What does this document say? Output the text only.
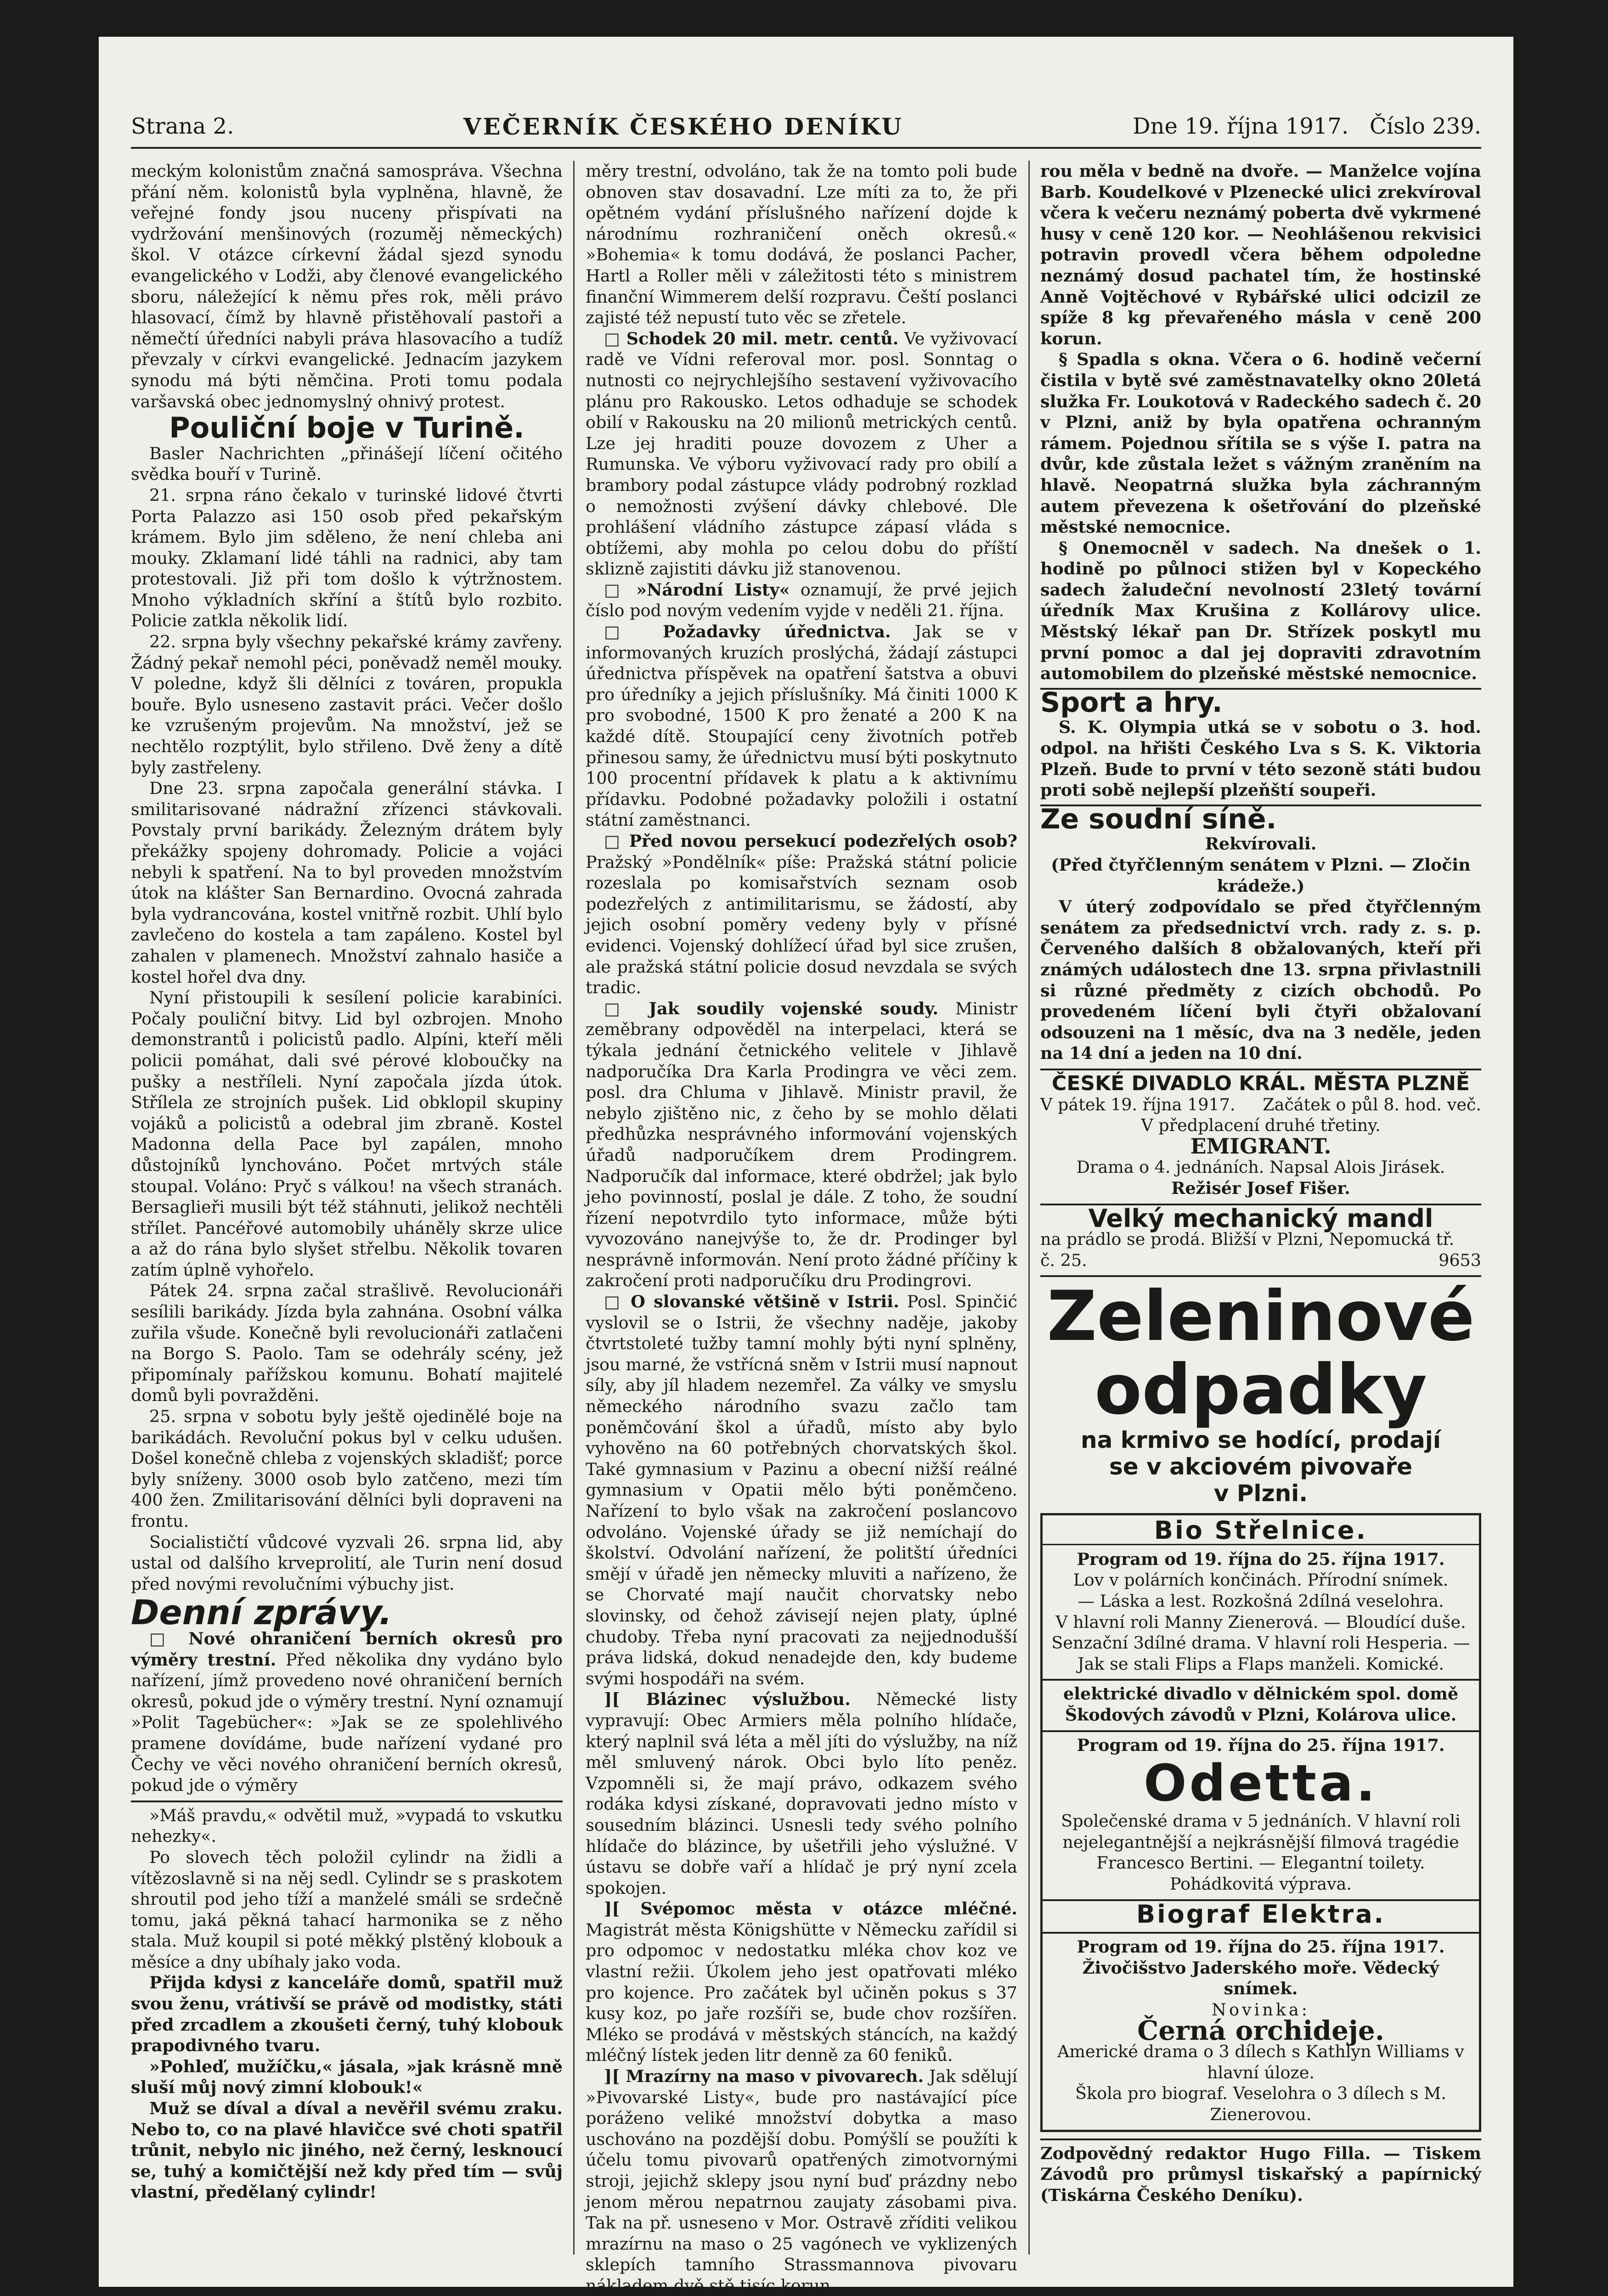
Strana 2.	VEČERNÍK ČESKÉHO DENÍKU	Dne 19. října 1917. Číslo 239.

meckým kolonistům značná samospráva. Všechna přání něm. kolonistů byla vyplněna, hlavně, že veřejné fondy jsou nuceny přispívati na vydržování menšinových (rozuměj německých) škol. V otázce církevní žádal sjezd synodu evangelického v Lodži, aby členové evangelického sboru, náležející k němu přes rok, měli právo hlasovací, čímž by hlavně přistěhovalí pastoři a němečtí úředníci nabyli práva hlasovacího a tudíž převzaly v církvi evangelické. Jednacím jazykem synodu má býti němčina. Proti tomu podala varšavská obec jednomyslný ohnivý protest.

Pouliční boje v Turině.

Basler Nachrichten „přinášejí líčení očitého svědka bouří v Turině.

21. srpna ráno čekalo v turinské lidové čtvrti Porta Palazzo asi 150 osob před pekařským krámem. Bylo jim sděleno, že není chleba ani mouky. Zklamaní lidé táhli na radnici, aby tam protestovali. Již při tom došlo k výtržnostem. Mnoho výkladních skříní a štítů bylo rozbito. Policie zatkla několik lidí.

22. srpna byly všechny pekařské krámy zavřeny. Žádný pekař nemohl péci, poněvadž neměl mouky. V poledne, když šli dělníci z továren, propukla bouře. Bylo usneseno zastavit práci. Večer došlo ke vzrušeným projevům. Na množství, jež se nechtělo rozptýlit, bylo střileno. Dvě ženy a dítě byly zastřeleny.

Dne 23. srpna započala generální stávka. I smilitarisované nádražní zřízenci stávkovali. Povstaly první barikády. Železným drátem byly překážky spojeny dohromady. Policie a vojáci nebyli k spatření. Na to byl proveden množstvím útok na klášter San Bernardino. Ovocná zahrada byla vydrancována, kostel vnitřně rozbit. Uhlí bylo zavlečeno do kostela a tam zapáleno. Kostel byl zahalen v plamenech. Množství zahnalo hasiče a kostel hořel dva dny.

Nyní přistoupili k sesílení policie karabiníci. Počaly pouliční bitvy. Lid byl ozbrojen. Mnoho demonstrantů i policistů padlo. Alpíni, kteří měli policii pomáhat, dali své pérové kloboučky na pušky a nestříleli. Nyní započala jízda útok. Střílela ze strojních pušek. Lid obklopil skupiny vojáků a policistů a odebral jim zbraně. Kostel Madonna della Pace byl zapálen, mnoho důstojníků lynchováno. Počet mrtvých stále stoupal. Voláno: Pryč s válkou! na všech stranách. Bersaglieři musili být též stáhnuti, jelikož nechtěli střílet. Pancéřové automobily uháněly skrze ulice a až do rána bylo slyšet střelbu. Několik tovaren zatím úplně vyhořelo.

Pátek 24. srpna začal strašlivě. Revolucionáři sesílili barikády. Jízda byla zahnána. Osobní válka zuřila všude. Konečně byli revolucionáři zatlačeni na Borgo S. Paolo. Tam se odehrály scény, jež připomínaly pařížskou komunu. Bohatí majitelé domů byli povražděni.

25. srpna v sobotu byly ještě ojedinělé boje na barikádách. Revoluční pokus byl v celku udušen. Došel konečně chleba z vojenských skladišť; porce byly sníženy. 3000 osob bylo zatčeno, mezi tím 400 žen. Zmilitarisování dělníci byli dopraveni na frontu.

Socialističtí vůdcové vyzvali 26. srpna lid, aby ustal od dalšího krveprolití, ale Turin není dosud před novými revolučními výbuchy jist.

Denní zprávy.

□ Nové ohraničení berních okresů pro výměry trestní. Před několika dny vydáno bylo nařízení, jímž provedeno nové ohraničení berních okresů, pokud jde o výměry trestní. Nyní oznamují »Polit Tagebücher«: »Jak se ze spolehlivého pramene dovídáme, bude nařízení vydané pro Čechy ve věci nového ohraničení berních okresů, pokud jde o výměry

»Máš pravdu,« odvětil muž, »vypadá to vskutku nehezky«.

Po slovech těch položil cylindr na židli a vítězoslavně si na něj sedl. Cylindr se s praskotem shroutil pod jeho tíží a manželé smáli se srdečně tomu, jaká pěkná tahací harmonika se z něho stala. Muž koupil si poté měkký plstěný klobouk a měsíce a dny ubíhaly jako voda.

Přijda kdysi z kanceláře domů, spatřil muž svou ženu, vrátivší se právě od modistky, státi před zrcadlem a zkoušeti černý, tuhý klobouk prapodivného tvaru.

»Pohleď, mužíčku,« jásala, »jak krásně mně sluší můj nový zimní klobouk!«

Muž se díval a díval a nevěřil svému zraku. Nebo to, co na plavé hlavičce své choti spatřil trůnit, nebylo nic jiného, než černý, lesknoucí se, tuhý a komičtější než kdy před tím — svůj vlastní, předělaný cylindr!

měry trestní, odvoláno, tak že na tomto poli bude obnoven stav dosavadní. Lze míti za to, že při opětném vydání příslušného nařízení dojde k národnímu rozhraničení oněch okresů.« »Bohemia« k tomu dodává, že poslanci Pacher, Hartl a Roller měli v záležitosti této s ministrem finanční Wimmerem delší rozpravu. Čeští poslanci zajisté též nepustí tuto věc se zřetele.

□ Schodek 20 mil. metr. centů. Ve vyživovací radě ve Vídni referoval mor. posl. Sonntag o nutnosti co nejrychlejšího sestavení vyživovacího plánu pro Rakousko. Letos odhaduje se schodek obilí v Rakousku na 20 milionů metrických centů. Lze jej hraditi pouze dovozem z Uher a Rumunska. Ve výboru vyživovací rady pro obilí a brambory podal zástupce vlády podrobný rozklad o nemožnosti zvýšení dávky chlebové. Dle prohlášení vládního zástupce zápasí vláda s obtížemi, aby mohla po celou dobu do příští sklizně zajistiti dávku již stanovenou.

□ »Národní Listy« oznamují, že prvé jejich číslo pod novým vedením vyjde v neděli 21. října.

□ Požadavky úřednictva. Jak se v informovaných kruzích proslýchá, žádají zástupci úřednictva příspěvek na opatření šatstva a obuvi pro úředníky a jejich příslušníky. Má činiti 1000 K pro svobodné, 1500 K pro ženaté a 200 K na každé dítě. Stoupající ceny životních potřeb přinesou samy, že úřednictvu musí býti poskytnuto 100 procentní přídavek k platu a k aktivnímu přídavku. Podobné požadavky položili i ostatní státní zaměstnanci.

□ Před novou persekucí podezřelých osob? Pražský »Pondělník« píše: Pražská státní policie rozeslala po komisařstvích seznam osob podezřelých z antimilitarismu, se žádostí, aby jejich osobní poměry vedeny byly v přísné evidenci. Vojenský dohlížecí úřad byl sice zrušen, ale pražská státní policie dosud nevzdala se svých tradic.

□ Jak soudily vojenské soudy. Ministr zeměbrany odpověděl na interpelaci, která se týkala jednání četnického velitele v Jihlavě nadporučíka Dra Karla Prodingra ve věci zem. posl. dra Chluma v Jihlavě. Ministr pravil, že nebylo zjištěno nic, z čeho by se mohlo dělati předhůzka nesprávného informování vojenských úřadů nadporučíkem drem Prodingrem. Nadporučík dal informace, které obdržel; jak bylo jeho povinností, poslal je dále. Z toho, že soudní řízení nepotvrdilo tyto informace, může býti vyvozováno nanejvýše to, že dr. Prodinger byl nesprávně informován. Není proto žádné příčiny k zakročení proti nadporučíku dru Prodingrovi.

□ O slovanské většině v Istrii. Posl. Spinčić vyslovil se o Istrii, že všechny naděje, jakoby čtvrtstoleté tužby tamní mohly býti nyní splněny, jsou marné, že vstřícná sněm v Istrii musí napnout síly, aby jíl hladem nezemřel. Za války ve smyslu německého národního svazu začlo tam poněmčování škol a úřadů, místo aby bylo vyhověno na 60 potřebných chorvatských škol. Také gymnasium v Pazinu a obecní nižší reálné gymnasium v Opatii mělo býti poněmčeno. Nařízení to bylo však na zakročení poslancovo odvoláno. Vojenské úřady se již nemíchají do školství. Odvolání nařízení, že politští úředníci smějí v úřadě jen německy mluviti a nařízeno, že se Chorvaté mají naučit chorvatsky nebo slovinsky, od čehož závisejí nejen platy, úplné chudoby. Třeba nyní pracovati za nejjednodušší práva lidská, dokud nenadejde den, kdy budeme svými hospodáři na svém.

][ Blázinec výslužbou. Německé listy vypravují: Obec Armiers měla polního hlídače, který naplnil svá léta a měl jíti do výslužby, na níž měl smluvený nárok. Obci bylo líto peněz. Vzpomněli si, že mají právo, odkazem svého rodáka kdysi získané, dopravovati jedno místo v sousedním blázinci. Usnesli tedy svého polního hlídače do blázince, by ušetřili jeho výslužné. V ústavu se dobře vaří a hlídač je prý nyní zcela spokojen.

][ Svépomoc města v otázce mléčné. Magistrát města Königshütte v Německu zařídil si pro odpomoc v nedostatku mléka chov koz ve vlastní režii. Úkolem jeho jest opatřovati mléko pro kojence. Pro začátek byl učiněn pokus s 37 kusy koz, po jaře rozšíři se, bude chov rozšířen. Mléko se prodává v městských stáncích, na každý mléčný lístek jeden litr denně za 60 feniků.

][ Mrazírny na maso v pivovarech. Jak sdělují »Pivovarské Listy«, bude pro nastávající píce poráženo veliké množství dobytka a maso uschováno na pozdější dobu. Pomýšlí se použíti k účelu tomu pivovarů opatřených zimotvornými stroji, jejichž sklepy jsou nyní buď prázdny nebo jenom měrou nepatrnou zaujaty zásobami piva. Tak na př. usneseno v Mor. Ostravě zříditi velikou mrazírnu na maso o 25 vagónech ve vyklizených sklepích tamního Strassmannova pivovaru nákladem dvě stě tisíc korun.

rou měla v bedně na dvoře. — Manželce vojína Barb. Koudelkové v Plzenecké ulici zrekvíroval včera k večeru neznámý poberta dvě vykrmené husy v ceně 120 kor. — Neohlášenou rekvisici potravin provedl včera během odpoledne neznámý dosud pachatel tím, že hostinské Anně Vojtěchové v Rybářské ulici odcizil ze spíže 8 kg převařeného másla v ceně 200 korun.

§ Spadla s okna. Včera o 6. hodině večerní čistila v bytě své zaměstnavatelky okno 20letá služka Fr. Loukotová v Radeckého sadech č. 20 v Plzni, aniž by byla opatřena ochranným rámem. Pojednou sřítila se s výše I. patra na dvůr, kde zůstala ležet s vážným zraněním na hlavě. Neopatrná služka byla záchranným autem převezena k ošetřování do plzeňské městské nemocnice.

§ Onemocněl v sadech. Na dnešek o 1. hodině po půlnoci stižen byl v Kopeckého sadech žaludeční nevolností 23letý tovární úředník Max Krušina z Kollárovy ulice. Městský lékař pan Dr. Střízek poskytl mu první pomoc a dal jej dopraviti zdravotním automobilem do plzeňské městské nemocnice.

Sport a hry.

S. K. Olympia utká se v sobotu o 3. hod. odpol. na hřišti Českého Lva s S. K. Viktoria Plzeň. Bude to první v této sezoně státi budou proti sobě nejlepší plzeňští soupeři.

Ze soudní síně.

Rekvírovali.

(Před čtyřčlenným senátem v Plzni. — Zločin krádeže.)

V úterý zodpovídalo se před čtyřčlenným senátem za předsednictví vrch. rady z. s. p. Červeného dalších 8 obžalovaných, kteří při známých událostech dne 13. srpna přivlastnili si různé předměty z cizích obchodů. Po provedeném líčení byli čtyři obžalovaní odsouzeni na 1 měsíc, dva na 3 neděle, jeden na 14 dní a jeden na 10 dní.

ČESKÉ DIVADLO KRÁL. MĚSTA PLZNĚ
V pátek 19. října 1917. Začátek o půl 8. hod. več.

V předplacení druhé třetiny.

EMIGRANT.

Drama o 4. jednáních. Napsal Alois Jirásek.

Režisér Josef Fišer.

Velký mechanický mandl

na prádlo se prodá. Bližší v Plzni, Nepomucká tř.

č. 25.	9653
Zeleninové
odpadky
na krmivo se hodící, prodají
se v akciovém pivovaře
v Plzni.
Bio Střelnice.

Program od 19. října do 25. října 1917.

Lov v polárních končinách. Přírodní snímek.

— Láska a lest. Rozkošná 2dílná veselohra.

V hlavní roli Manny Zienerová. — Bloudící duše. Senzační 3dílné drama. V hlavní roli Hesperia. — Jak se stali Flips a Flaps manželi. Komické.

elektrické divadlo v dělnickém spol. domě

Škodových závodů v Plzni, Kolárova ulice.

Program od 19. října do 25. října 1917.

Odetta.

Společenské drama v 5 jednáních. V hlavní roli nejelegantnější a nejkrásnější filmová tragédie Francesco Bertini. — Elegantní toilety. Pohádkovitá výprava.

Biograf Elektra.

Program od 19. října do 25. října 1917.

Živočišstvo Jaderského moře. Vědecký snímek.

Novinka:

Černá orchideje.

Americké drama o 3 dílech s Kathlyn Williams v hlavní úloze.

Škola pro biograf. Veselohra o 3 dílech s M. Zienerovou.

Zodpovědný redaktor Hugo Filla. — Tiskem Závodů pro průmysl tiskařský a papírnický (Tiskárna Českého Deníku).
